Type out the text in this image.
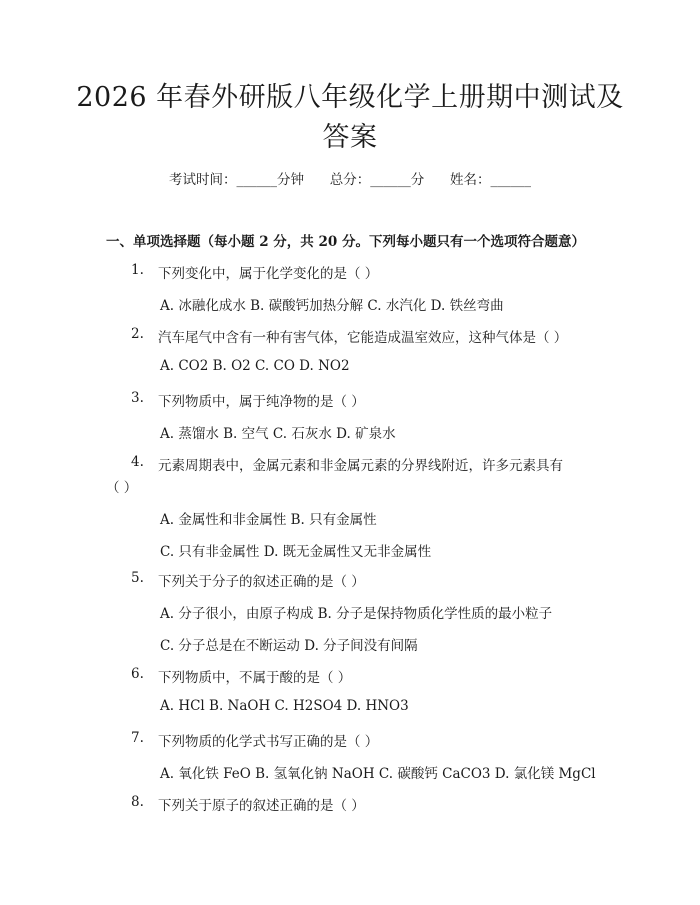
2026 年春外研版八年级化学上册期中测试及
答案
考试时间：______分钟 总分：______分 姓名：______
一、单项选择题（每小题 2 分，共 20 分。下列每小题只有一个选项符合题意）
1.	下列变化中，属于化学变化的是（ ）
A. 冰融化成水 B. 碳酸钙加热分解 C. 水汽化 D. 铁丝弯曲
2.	汽车尾气中含有一种有害气体，它能造成温室效应，这种气体是（ ）
A. CO2 B. O2 C. CO D. NO2
3.	下列物质中，属于纯净物的是（ ）
A. 蒸馏水 B. 空气 C. 石灰水 D. 矿泉水
4.	元素周期表中，金属元素和非金属元素的分界线附近，许多元素具有
（ ）
A. 金属性和非金属性 B. 只有金属性
C. 只有非金属性 D. 既无金属性又无非金属性
5.	下列关于分子的叙述正确的是（ ）
A. 分子很小，由原子构成 B. 分子是保持物质化学性质的最小粒子
C. 分子总是在不断运动 D. 分子间没有间隔
6.	下列物质中，不属于酸的是（ ）
A. HCl B. NaOH C. H2SO4 D. HNO3
7.	下列物质的化学式书写正确的是（ ）
A. 氧化铁 FeO B. 氢氧化钠 NaOH C. 碳酸钙 CaCO3 D. 氯化镁 MgCl
8.	下列关于原子的叙述正确的是（ ）
